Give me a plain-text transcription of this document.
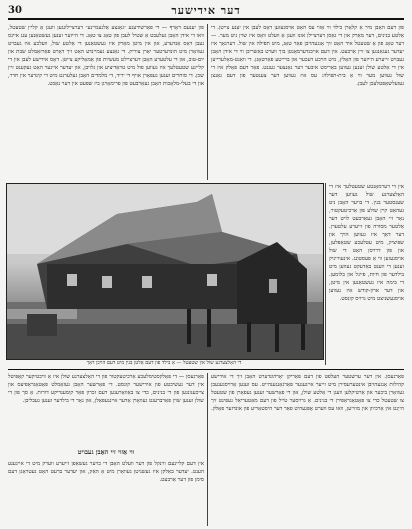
30	דער אידישער

פון יענעם דאָרף — די פאַרשידענע ״גאַנצע אַלגעמיינע״ דערציילונגען וועגן אַ קליין שטעטל, וואו די אידן האָבן געלעבט אַ שטיל לעבן פון טאָג צו טאָג. די הייזער זענען געשטאַנען ענג איינס נעבן דאָס אַנדערע, און אין מיטן מאַרק איז געשטאַנען די אַלטע שול, וועלכע איז געבויט געוואָרן מיט הונדערטער יאָרן צוריק. די גאַנצע געמיינדע האָט זיך דאָרט פאַרזאַמלט שבת און יום-טוב, און די עלטערע האָבן דערציילט מעשיות פון אַמאָליקע צייטן. דאָס אידישע לעבן אין די קליינע שטעטלעך איז געווען פול מיט טראַדיציע און גלויבן, און יעדער איינער האָט געקענט זיין שכן. די סוחרים זענען געפאָרן אויף די יריד, די מלמדים האָבן געלערנט מיט די קינדער אין חדר, און די בעלי-מלאָכות האָבן געאַרבעט פון פרימאָרגן ביז שפּעט אין דער נאַכט.

פון דעם האָבן מיר אַ קלאָרן בילד ווי אַזוי עס האָט אויסגעזען דאָס לעבן אין יענע צייטן. די אַלטע בנינים, דער מאַרק און די גאַסן דערציילן אונז וועגן אַ וועלט וואָס איז שוין ניט מער. — דער טאָג פון אַ שטעטל איד האָט זיך אָנגעהויבן פאַר טאָג, מיט תפילה אין שול. דערנאָך איז יעדער געגאַנגען צו זיין אַרבעט. אין דעם אויבנדערמאָנטן בוך ווערט באַשריבן ווי די אידן האָבן געבויט זייערע הייזער פון האָלץ, מיט הויכע דעכער און ברייטע פאַרטאָגן. די וואַנט-מאָלערייען אין די אַלטע שולן זענען געווען באַרימט איבער דער גאַנצער געגנט. פאַר דעם פאָלק איז די שול געווען מער ווי אַ בית-תפילה: עס איז געווען דער צענטער פון דעם גאַנצן געזעלשאַפטלעכן לעבן.

די האָלצערנע שול אין שטעטל — אַ בילד פון דעם אַלטן בנין מיט דעם הויכן דאַך

אין די דערמאָנטע שטעטלעך איז די האָלצערנע שול געווען דער שענסטער בנין. די בויער האָבן ניט געהאַט קיין שולע פון אַרכיטעקטור, נאָר זיי האָבן געאַרבעט לויט דער אַלטער מסורה פון זייערע עלטערן. דער דאַך איז געווען הויך און שפּיציק, מיט עטלעכע שטאַפּלען, און פון דרויסן האָט די שול אויסגעזען ווי אַ פעסטונג. אינעווייניק זענען די ווענט באַדעקט געווען מיט בילדער פון חיות, פייגל און בלומען. די בימה איז געשטאַנען אין מיטן, און דער ארון-קודש איז געווען אויסגעשניצט מיט גרויס קונסט.

פאַרגעסן — די פאָלקסטימלעכע אַרכיטעקטור פון די האָלצערנע שולן איז אַ וויכטיקער קאַפּיטל אין דער געשיכטע פון אידישער קונסט. די פאָרשער האָבן געזאַמלט פאָטאָגראַפיעס און צייכענונגען פון די בנינים, כדי צו באַוואָרענען דעם זכרון פאַר קומענדיקע דורות. אַ סך פון די שולן זענען שוין פאַרברענט געוואָרן אָדער איינגעפאַלן, און נאָר די בילדער זענען געבליבן.

ווי אַזוי זיי האָבן געבויט

אין דעם קליינעם ווינקל פון דער וועלט האָבן די בויער געשאַפן זייערע ווערק מיט די אייגענע הענט. יעדער באַלקן איז געשניטן געוואָרן מיט אַ האַק, און יעדער ברעט האָט געטראָגן דעם סימן פון דער אַרבעט.

פאַרגעסן. אין דער ערשטער העלפט פון דעם פאַריקן יאָרהונדערט האָבן זיך די אידישע קהילות אָנגעהויבן אינטערעסירן מיט זייער אייגענער פאַרגאַנגענהייט. עס זענען אַרויסגעגעבן געוואָרן ביכער און אַרטיקלען וועגן די אַלטע שולן, און די פאָרשער זענען געפאָרן פון שטעטל צו שטעטל כדי צו פאָטאָגראַפירן די בנינים. אַ גרויסער טייל פון דעם מאַטעריאַל געפינט זיך הייַנט אין אַרכיוון און מוזייען, וואו עס ווערט אָפּגעהיט פאַר דער היסטאָריע פון אונדזער פאָלק.
